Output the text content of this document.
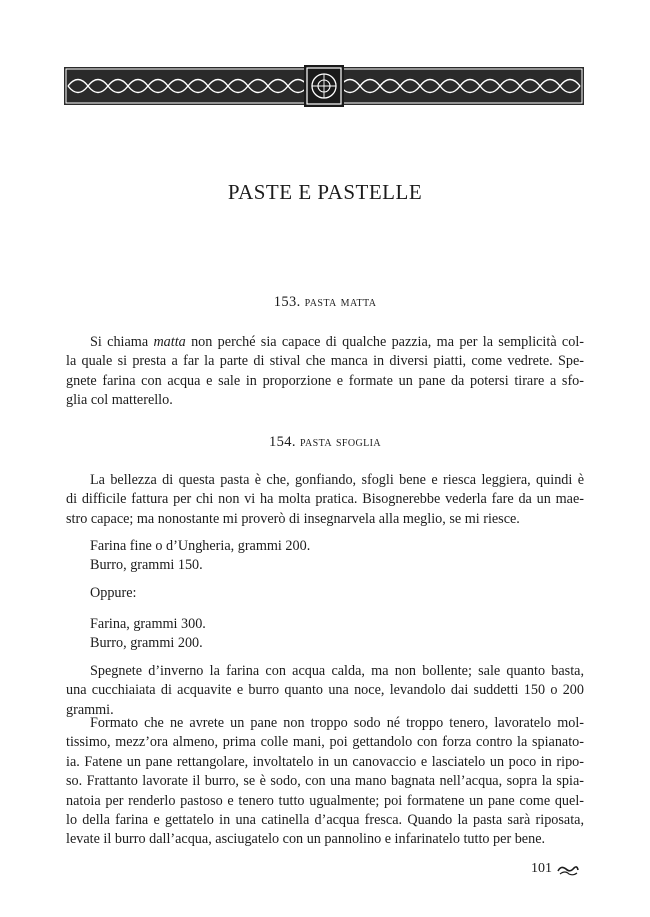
PASTE E PASTELLE

153. pasta matta

Si chiama matta non perché sia capace di qualche pazzia, ma per la semplicità col-

la quale si presta a far la parte di stival che manca in diversi piatti, come vedrete. Spe-

gnete farina con acqua e sale in proporzione e formate un pane da potersi tirare a sfo-

glia col matterello.

154. pasta sfoglia

La bellezza di questa pasta è che, gonfiando, sfogli bene e riesca leggiera, quindi è

di difficile fattura per chi non vi ha molta pratica. Bisognerebbe vederla fare da un mae-

stro capace; ma nonostante mi proverò di insegnarvela alla meglio, se mi riesce.

Farina fine o d’Ungheria, grammi 200.

Burro, grammi 150.

Oppure:

Farina, grammi 300.

Burro, grammi 200.

Spegnete d’inverno la farina con acqua calda, ma non bollente; sale quanto basta,

una cucchiaiata di acquavite e burro quanto una noce, levandolo dai suddetti 150 o 200

grammi.

Formato che ne avrete un pane non troppo sodo né troppo tenero, lavoratelo mol-

tissimo, mezz’ora almeno, prima colle mani, poi gettandolo con forza contro la spianato-

ia. Fatene un pane rettangolare, involtatelo in un canovaccio e lasciatelo un poco in ripo-

so. Frattanto lavorate il burro, se è sodo, con una mano bagnata nell’acqua, sopra la spia-

natoia per renderlo pastoso e tenero tutto ugualmente; poi formatene un pane come quel-

lo della farina e gettatelo in una catinella d’acqua fresca. Quando la pasta sarà riposata,

levate il burro dall’acqua, asciugatelo con un pannolino e infarinatelo tutto per bene.

101
